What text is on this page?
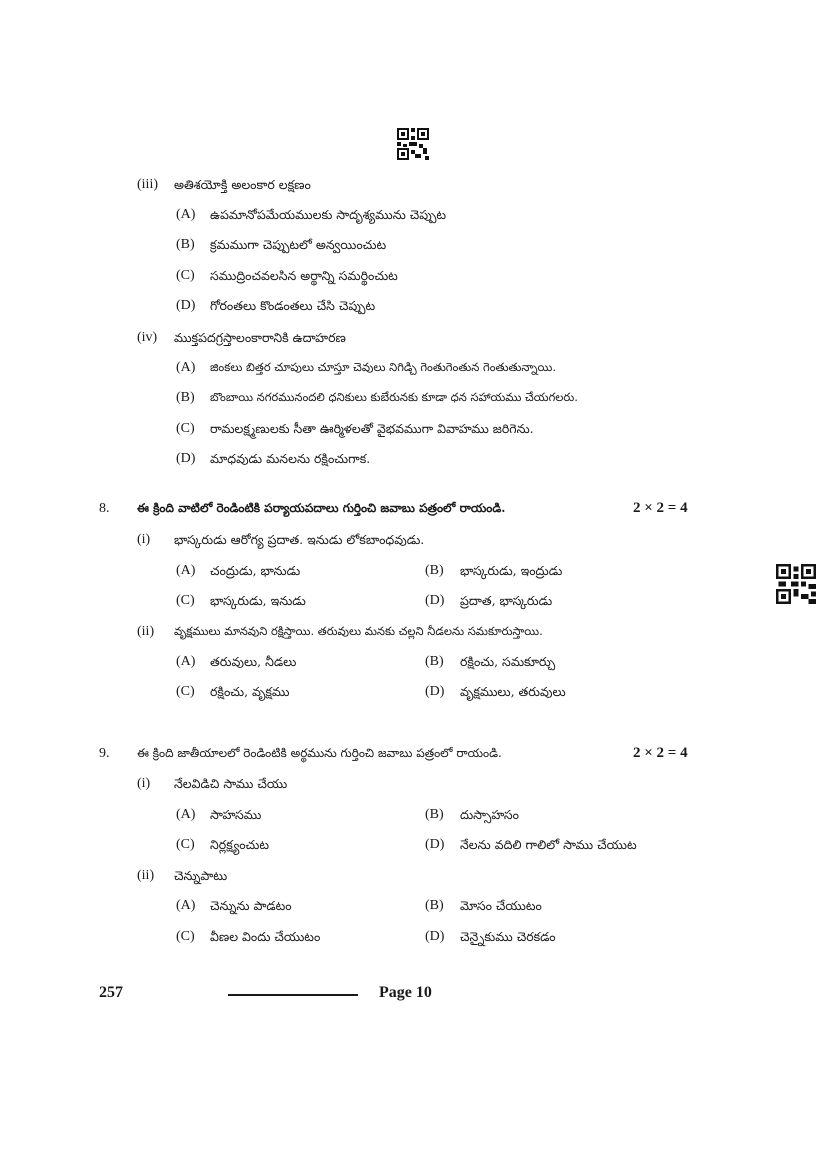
(iii) అతిశయోక్తి అలంకార లక్షణం
(A) ఉపమానోపమేయములకు సాదృశ్యమును చెప్పుట
(B) క్రమముగా చెప్పుటలో అన్వయించుట
(C) సముద్రించవలసిన అర్థాన్ని సమర్థించుట
(D) గోరంతలు కొండంతలు చేసి చెప్పుట
(iv) ముక్తపదగ్రస్తాలంకారానికి ఉదాహరణ
(A) జింకలు బిత్తర చూపులు చూస్తూ చెవులు నిగిడ్చి గెంతుగెంతున గెంతుతున్నాయి.
(B) బొంబాయి నగరమునందలి ధనికులు కుబేరునకు కూడా ధన సహాయము చేయగలరు.
(C) రామలక్ష్మణులకు సీతా ఊర్మిళలతో వైభవముగా వివాహము జరిగెను.
(D) మాధవుడు మనలను రక్షించుగాక.
8. ఈ క్రింది వాటిలో రెండింటికి పర్యాయపదాలు గుర్తించి జవాబు పత్రంలో రాయండి.	2 × 2 = 4
(i) భాస్కరుడు ఆరోగ్య ప్రదాత. ఇనుడు లోకబాంధవుడు.
(A) చంద్రుడు, భానుడు	(B) భాస్కరుడు, ఇంద్రుడు
(C) భాస్కరుడు, ఇనుడు	(D) ప్రదాత, భాస్కరుడు
(ii) వృక్షములు మానవుని రక్షిస్తాయి. తరువులు మనకు చల్లని నీడలను సమకూరుస్తాయి.
(A) తరువులు, నీడలు	(B) రక్షించు, సమకూర్చు
(C) రక్షించు, వృక్షము	(D) వృక్షములు, తరువులు
9. ఈ క్రింది జాతీయాలలో రెండింటికి అర్థమును గుర్తించి జవాబు పత్రంలో రాయండి.	2 × 2 = 4
(i) నేలవిడిచి సాము చేయు
(A) సాహసము	(B) దుస్సాహసం
(C) నిర్లక్ష్యంచుట	(D) నేలను వదిలి గాలిలో సాము చేయుట
(ii) చెన్నుపాటు
(A) చెన్నును పాడటం	(B) మోసం చేయుటం
(C) వీణల విందు చేయుటం	(D) చెన్నైకుము చెరకడం
257	Page 10
